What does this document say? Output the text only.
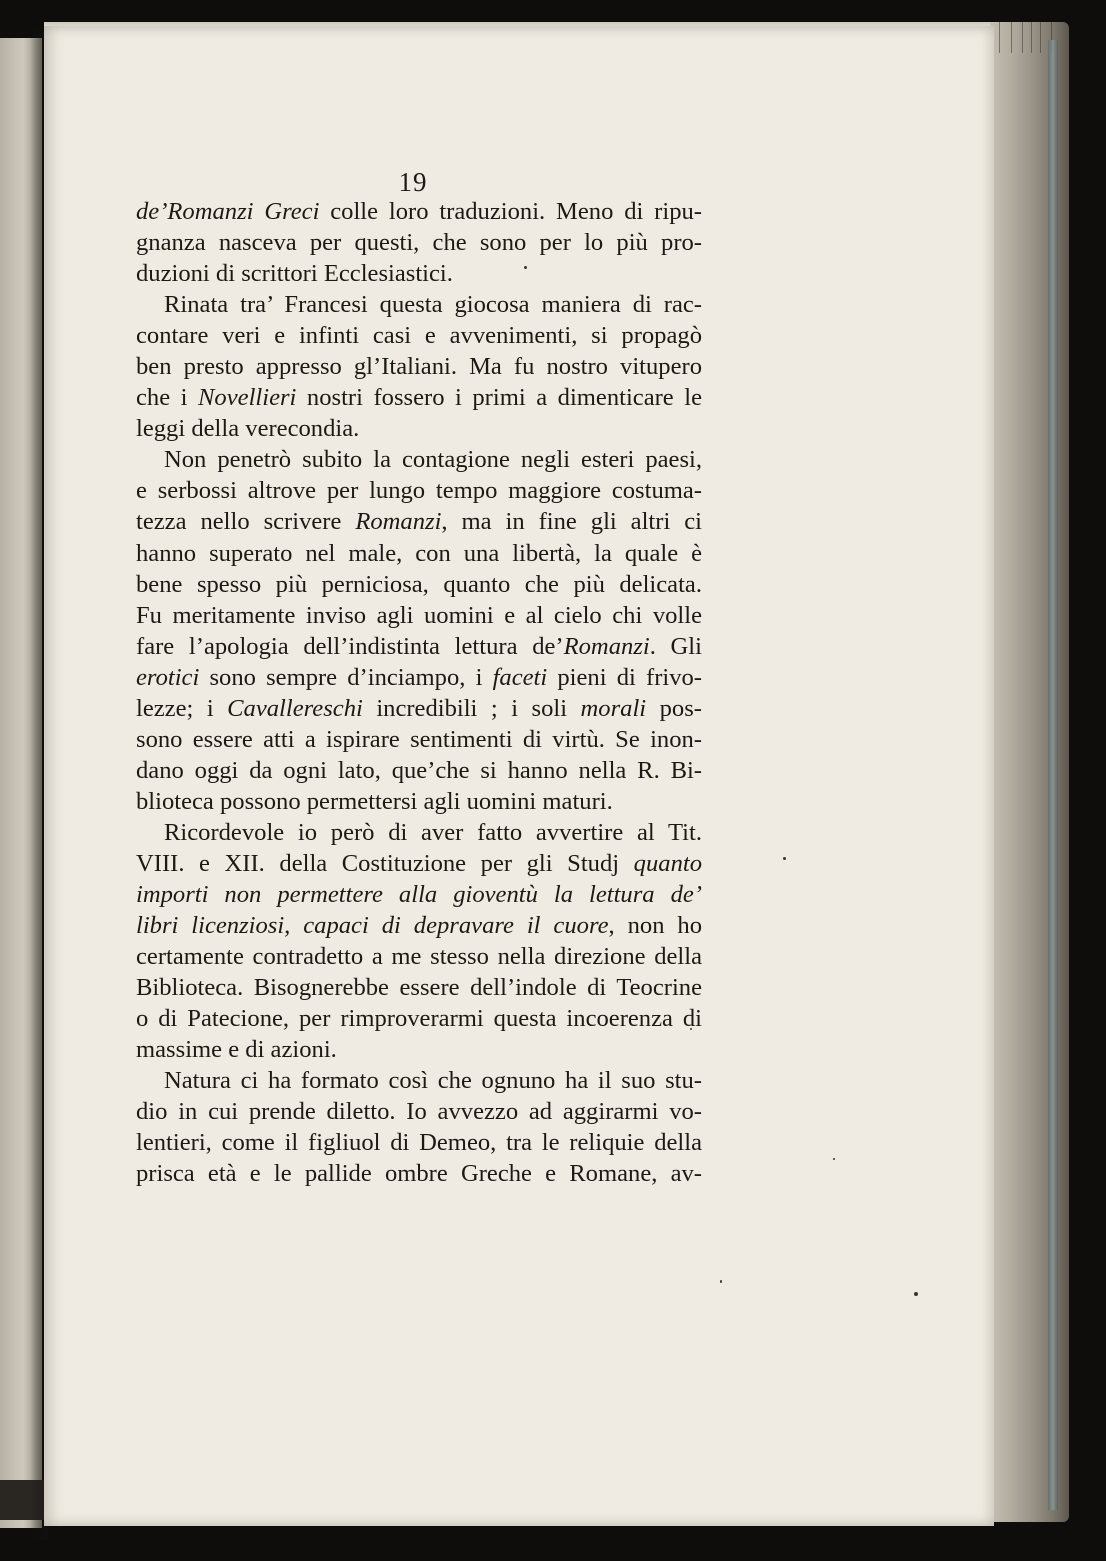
19
de’Romanzi Greci colle loro traduzioni. Meno di ripu-
gnanza nasceva per questi, che sono per lo più pro-
duzioni di scrittori Ecclesiastici.
Rinata tra’ Francesi questa giocosa maniera di rac-
contare veri e infinti casi e avvenimenti, si propagò
ben presto appresso gl’Italiani. Ma fu nostro vitupero
che i Novellieri nostri fossero i primi a dimenticare le
leggi della verecondia.
Non penetrò subito la contagione negli esteri paesi,
e serbossi altrove per lungo tempo maggiore costuma-
tezza nello scrivere Romanzi, ma in fine gli altri ci
hanno superato nel male, con una libertà, la quale è
bene spesso più perniciosa, quanto che più delicata.
Fu meritamente inviso agli uomini e al cielo chi volle
fare l’apologia dell’indistinta lettura de’Romanzi. Gli
erotici sono sempre d’inciampo, i faceti pieni di frivo-
lezze; i Cavallereschi incredibili ; i soli morali pos-
sono essere atti a ispirare sentimenti di virtù. Se inon-
dano oggi da ogni lato, que’che si hanno nella R. Bi-
blioteca possono permettersi agli uomini maturi.
Ricordevole io però di aver fatto avvertire al Tit.
VIII. e XII. della Costituzione per gli Studj quanto
importi non permettere alla gioventù la lettura de’
libri licenziosi, capaci di depravare il cuore, non ho
certamente contradetto a me stesso nella direzione della
Biblioteca. Bisognerebbe essere dell’indole di Teocrine
o di Patecione, per rimproverarmi questa incoerenza di
massime e di azioni.
Natura ci ha formato così che ognuno ha il suo stu-
dio in cui prende diletto. Io avvezzo ad aggirarmi vo-
lentieri, come il figliuol di Demeo, tra le reliquie della
prisca età e le pallide ombre Greche e Romane, av-
